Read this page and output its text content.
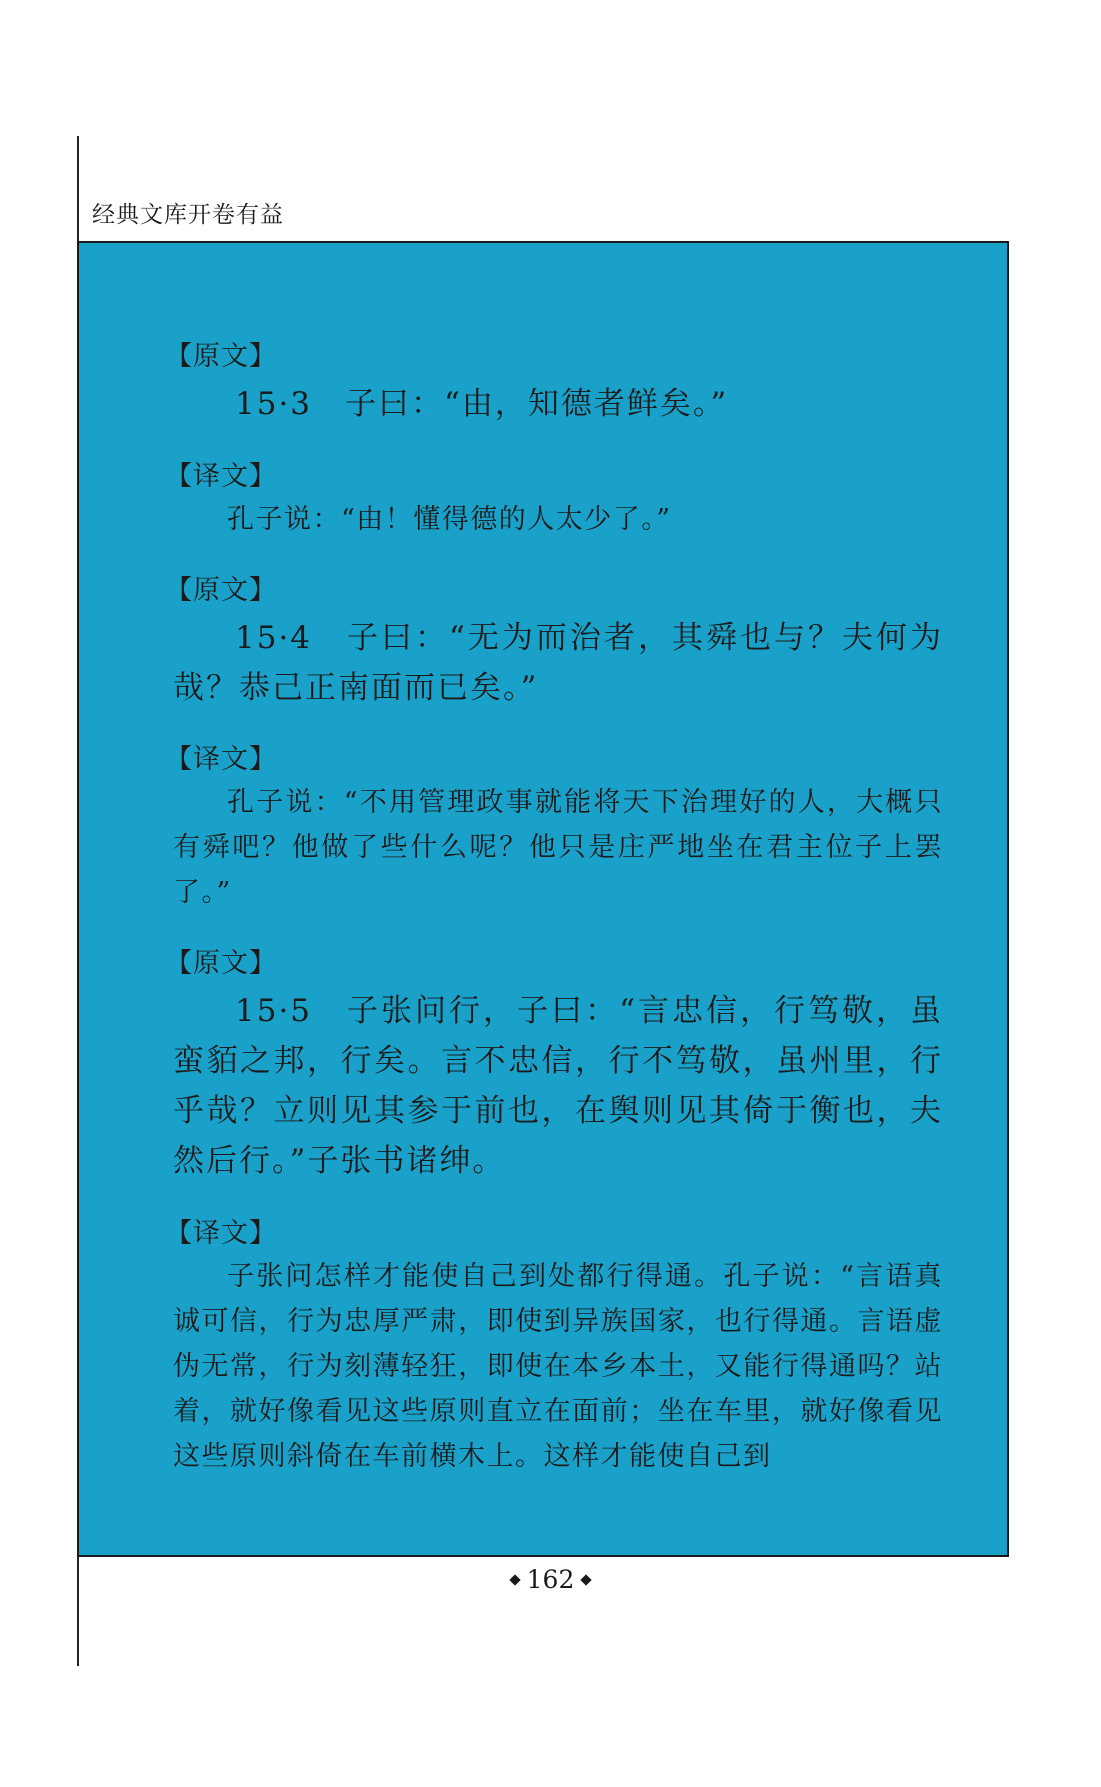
经典文库开卷有益
【原文】

15·3　子曰：“由，知德者鲜矣。”

【译文】

孔子说：“由！懂得德的人太少了。”

【原文】

15·4　子曰：“无为而治者，其舜也与？夫何为哉？恭己正南面而已矣。”

【译文】

孔子说：“不用管理政事就能将天下治理好的人，大概只有舜吧？他做了些什么呢？他只是庄严地坐在君主位子上罢了。”

【原文】

15·5　子张问行，子曰：“言忠信，行笃敬，虽蛮貊之邦，行矣。言不忠信，行不笃敬，虽州里，行乎哉？立则见其参于前也，在舆则见其倚于衡也，夫然后行。”子张书诸绅。

【译文】

子张问怎样才能使自己到处都行得通。孔子说：“言语真诚可信，行为忠厚严肃，即使到异族国家，也行得通。言语虚伪无常，行为刻薄轻狂，即使在本乡本土，又能行得通吗？站着，就好像看见这些原则直立在面前；坐在车里，就好像看见这些原则斜倚在车前横木上。这样才能使自己到

162
